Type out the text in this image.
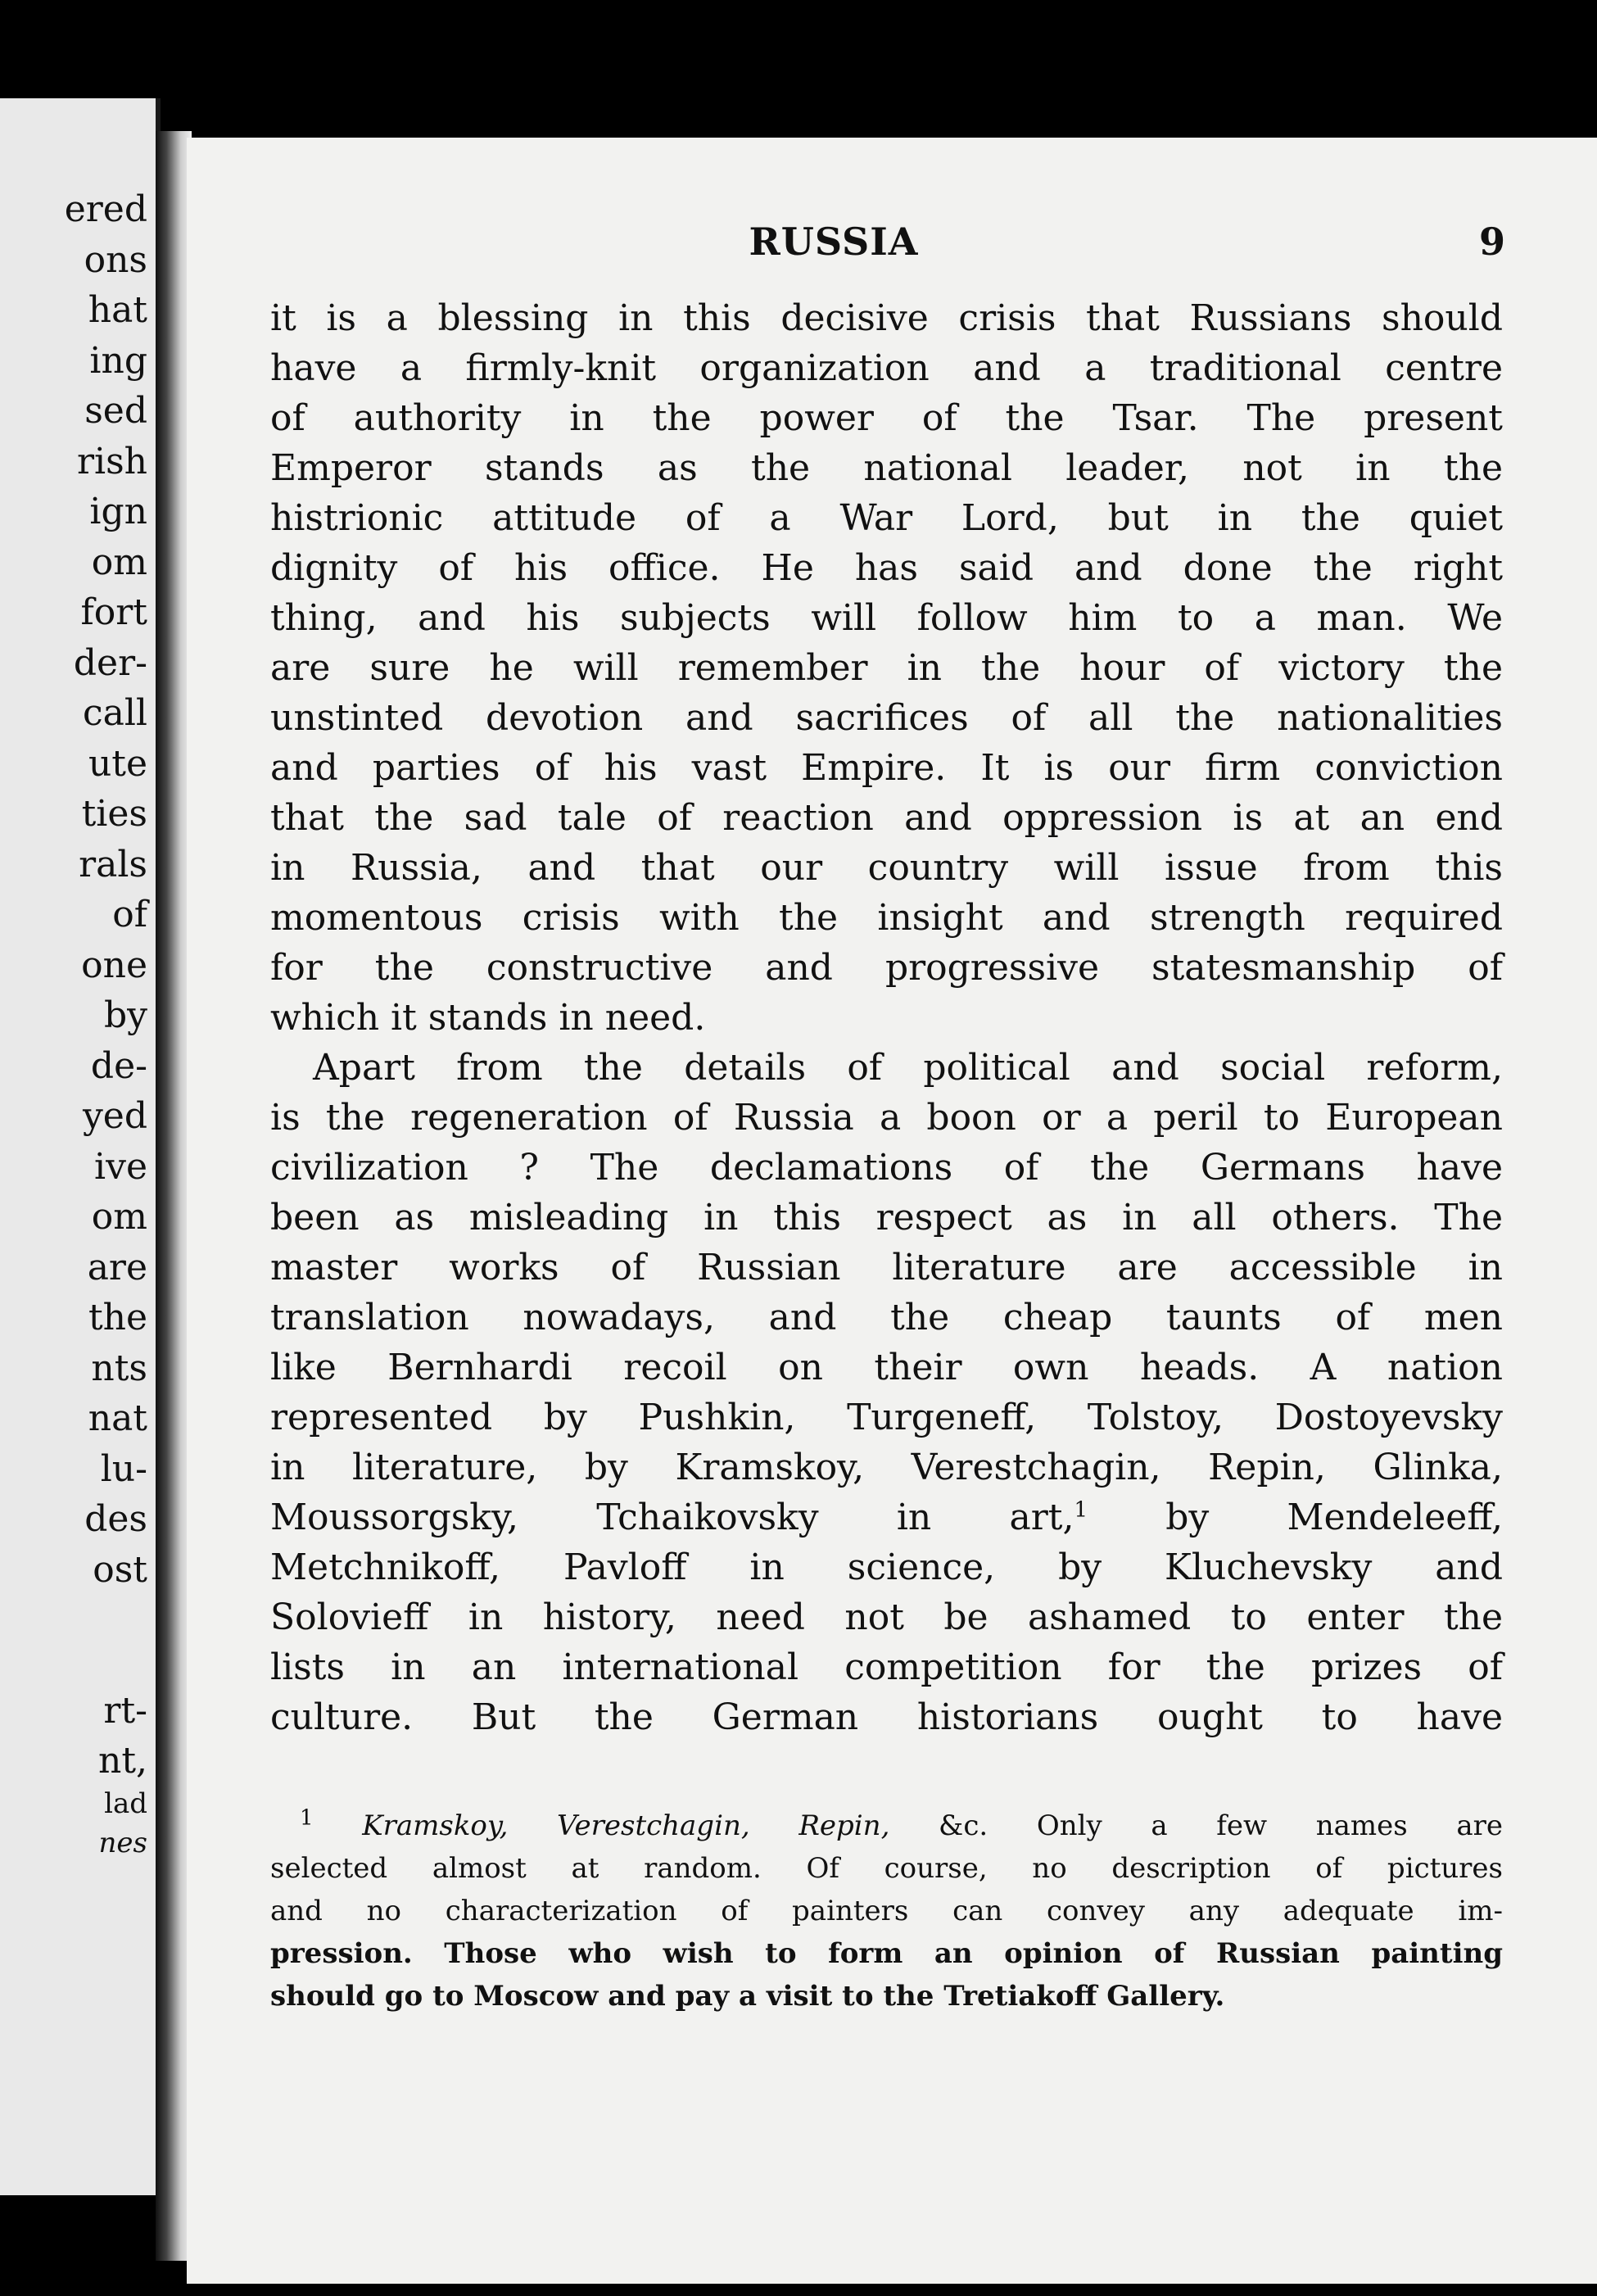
ered
ons
hat
ing
sed
rish
ign
om
fort
der-
call
ute
ties
rals
of
one
by
de-
yed
ive
om
are
the
nts
nat
lu-
des
ost
rt-
nt,
lad
nes
RUSSIA	9
it is a blessing in this decisive crisis that Russians should
have a firmly-knit organization and a traditional centre
of authority in the power of the Tsar. The present
Emperor stands as the national leader, not in the
histrionic attitude of a War Lord, but in the quiet
dignity of his office. He has said and done the right
thing, and his subjects will follow him to a man. We
are sure he will remember in the hour of victory the
unstinted devotion and sacrifices of all the nationalities
and parties of his vast Empire. It is our firm conviction
that the sad tale of reaction and oppression is at an end
in Russia, and that our country will issue from this
momentous crisis with the insight and strength required
for the constructive and progressive statesmanship of
which it stands in need.
Apart from the details of political and social reform,
is the regeneration of Russia a boon or a peril to European
civilization ? The declamations of the Germans have
been as misleading in this respect as in all others. The
master works of Russian literature are accessible in
translation nowadays, and the cheap taunts of men
like Bernhardi recoil on their own heads. A nation
represented by Pushkin, Turgeneff, Tolstoy, Dostoyevsky
in literature, by Kramskoy, Verestchagin, Repin, Glinka,
Moussorgsky, Tchaikovsky in art,$^1$ by Mendeleeff,
Metchnikoff, Pavloff in science, by Kluchevsky and
Solovieff in history, need not be ashamed to enter the
lists in an international competition for the prizes of
culture. But the German historians ought to have
$^1$ Kramskoy, Verestchagin, Repin, &c. Only a few names are
selected almost at random. Of course, no description of pictures
and no characterization of painters can convey any adequate im-
pression. Those who wish to form an opinion of Russian painting
should go to Moscow and pay a visit to the Tretiakoff Gallery.
